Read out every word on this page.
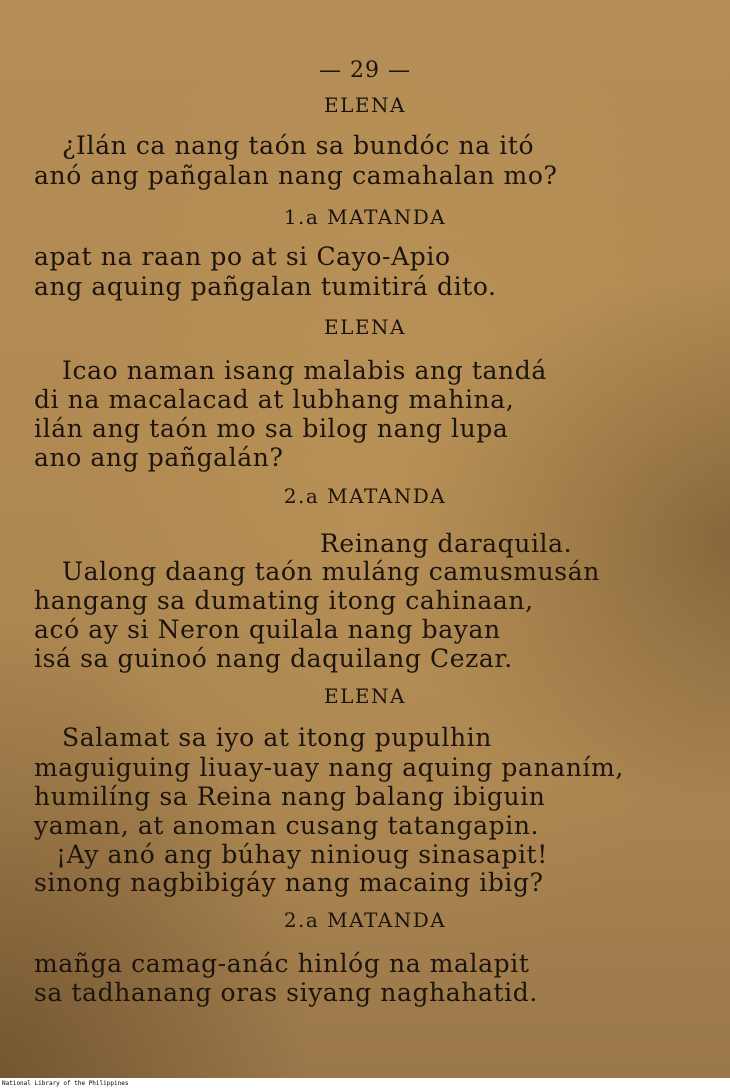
— 29 —
ELENA
¿Ilán ca nang taón sa bundóc na itó
anó ang pañgalan nang camahalan mo?
1.a MATANDA
apat na raan po at si Cayo-Apio
ang aquing pañgalan tumitirá dito.
ELENA
Icao naman isang malabis ang tandá
di na macalacad at lubhang mahina,
ilán ang taón mo sa bilog nang lupa
ano ang pañgalán?
2.a MATANDA
Reinang daraquila.
Ualong daang taón muláng camusmusán
hangang sa dumating itong cahinaan,
acó ay si Neron quilala nang bayan
isá sa guinoó nang daquilang Cezar.
ELENA
Salamat sa iyo at itong pupulhin
maguiguing liuay-uay nang aquing pananím,
humilíng sa Reina nang balang ibiguin
yaman, at anoman cusang tatangapin.
¡Ay anó ang búhay ninioug sinasapit!
sinong nagbibigáy nang macaing ibig?
2.a MATANDA
mañga camag-anác hinlóg na malapit
sa tadhanang oras siyang naghahatid.
National Library of the Philippines
